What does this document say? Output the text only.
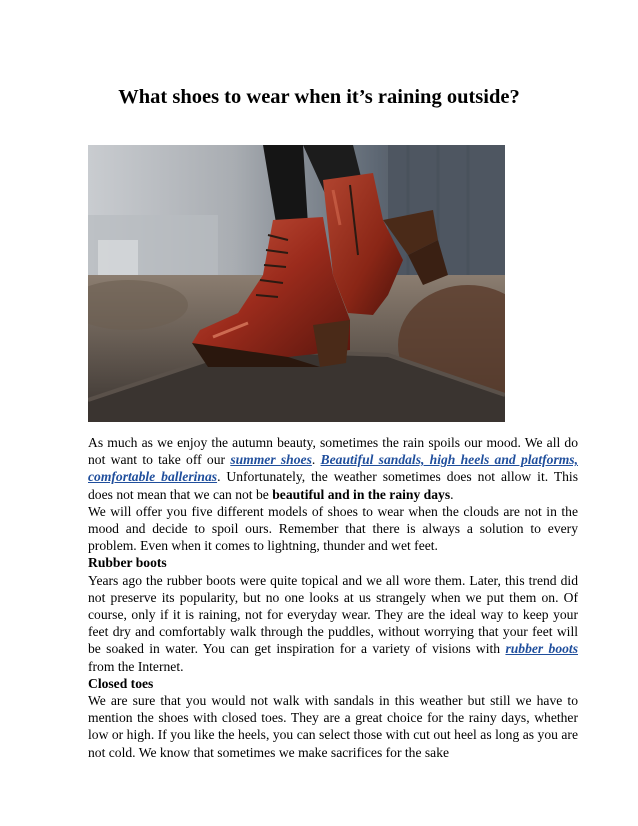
What shoes to wear when it’s raining outside?

As much as we enjoy the autumn beauty, sometimes the rain spoils our mood. We all do not want to take off our summer shoes. Beautiful sandals, high heels and platforms, comfortable ballerinas. Unfortunately, the weather sometimes does not allow it. This does not mean that we can not be beautiful and in the rainy days.

We will offer you five different models of shoes to wear when the clouds are not in the mood and decide to spoil ours. Remember that there is always a solution to every problem. Even when it comes to lightning, thunder and wet feet.

Rubber boots

Years ago the rubber boots were quite topical and we all wore them. Later, this trend did not preserve its popularity, but no one looks at us strangely when we put them on. Of course, only if it is raining, not for everyday wear. They are the ideal way to keep your feet dry and comfortably walk through the puddles, without worrying that your feet will be soaked in water. You can get inspiration for a variety of visions with rubber boots from the Internet.

Closed toes

We are sure that you would not walk with sandals in this weather but still we have to mention the shoes with closed toes. They are a great choice for the rainy days, whether low or high. If you like the heels, you can select those with cut out heel as long as you are not cold. We know that sometimes we make sacrifices for the sake
